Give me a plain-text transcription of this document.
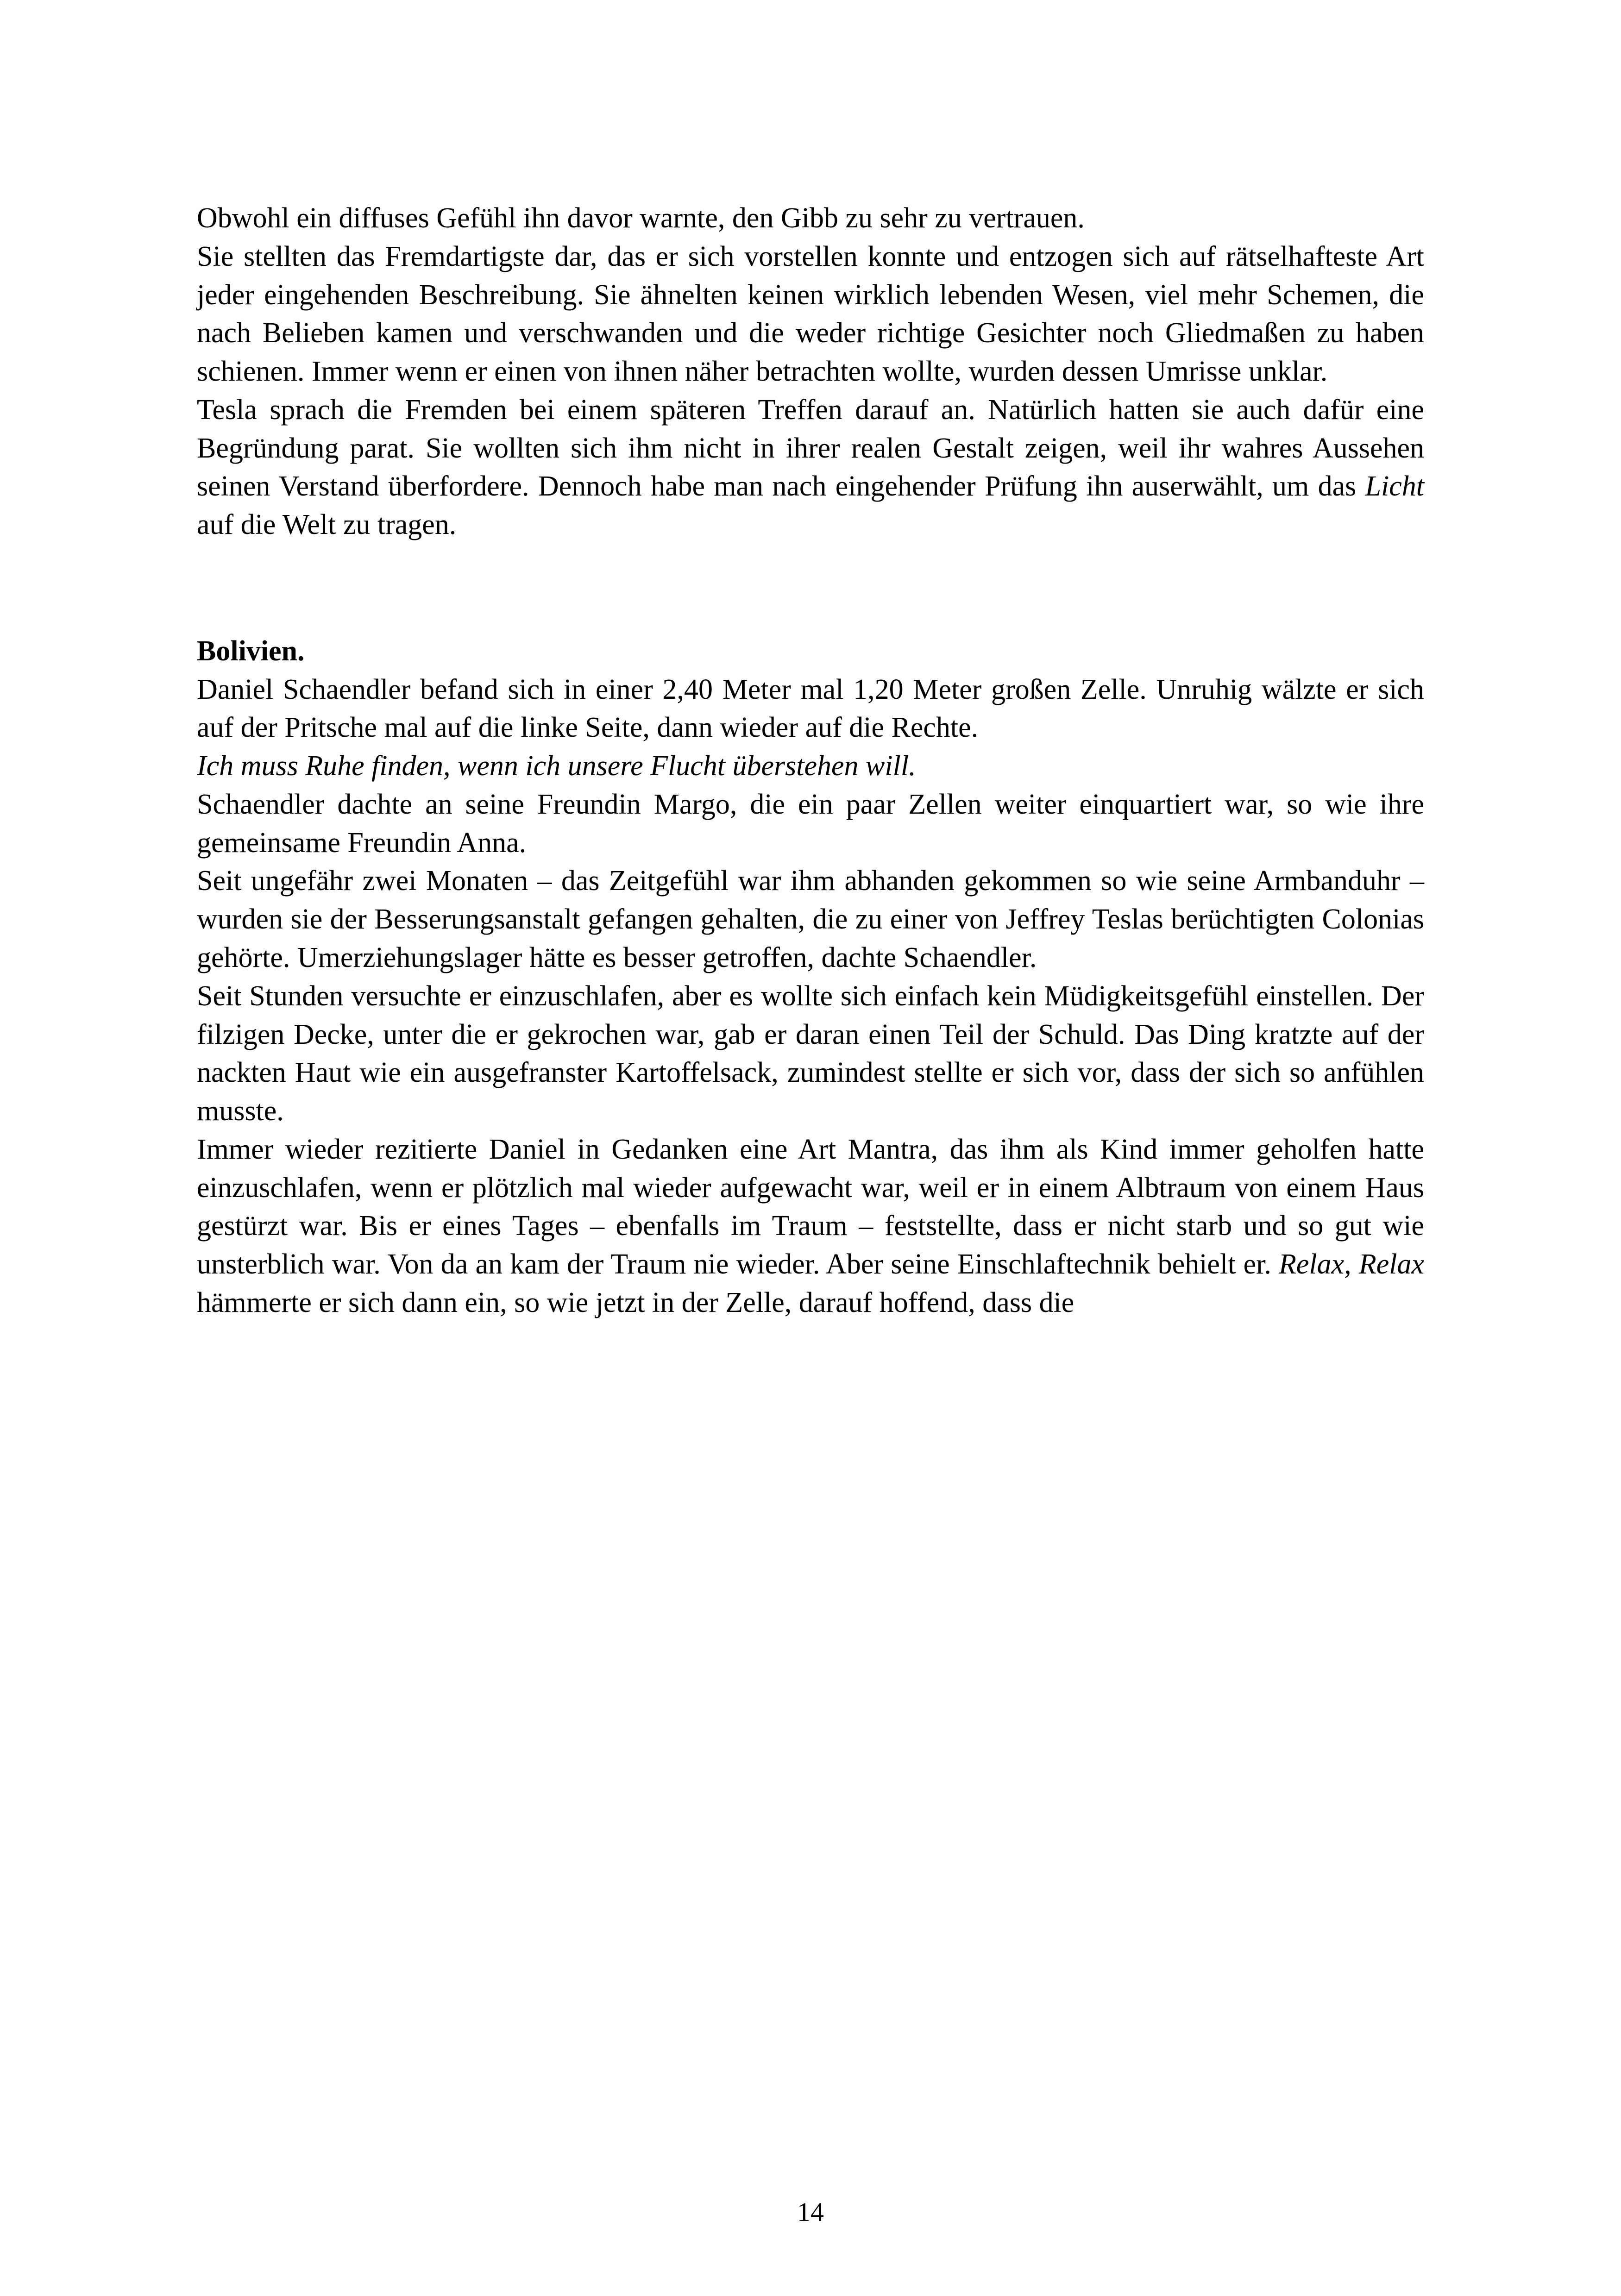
Obwohl ein diffuses Gefühl ihn davor warnte, den Gibb zu sehr zu vertrauen.

Sie stellten das Fremdartigste dar, das er sich vorstellen konnte und entzogen sich auf rätselhafteste Art jeder eingehenden Beschreibung. Sie ähnelten keinen wirklich lebenden Wesen, viel mehr Schemen, die nach Belieben kamen und verschwanden und die weder richtige Gesichter noch Gliedmaßen zu haben schienen. Immer wenn er einen von ihnen näher betrachten wollte, wurden dessen Umrisse unklar.

Tesla sprach die Fremden bei einem späteren Treffen darauf an. Natürlich hatten sie auch dafür eine Begründung parat. Sie wollten sich ihm nicht in ihrer realen Gestalt zeigen, weil ihr wahres Aussehen seinen Verstand überfordere. Dennoch habe man nach eingehender Prüfung ihn auserwählt, um das Licht auf die Welt zu tragen.

Bolivien.

Daniel Schaendler befand sich in einer 2,40 Meter mal 1,20 Meter großen Zelle. Unruhig wälzte er sich auf der Pritsche mal auf die linke Seite, dann wieder auf die Rechte.

Ich muss Ruhe finden, wenn ich unsere Flucht überstehen will.

Schaendler dachte an seine Freundin Margo, die ein paar Zellen weiter einquartiert war, so wie ihre gemeinsame Freundin Anna.

Seit ungefähr zwei Monaten – das Zeitgefühl war ihm abhanden gekommen so wie seine Armbanduhr – wurden sie der Besserungsanstalt gefangen gehalten, die zu einer von Jeffrey Teslas berüchtigten Colonias gehörte. Umerziehungslager hätte es besser getroffen, dachte Schaendler.

Seit Stunden versuchte er einzuschlafen, aber es wollte sich einfach kein Müdigkeitsgefühl einstellen. Der filzigen Decke, unter die er gekrochen war, gab er daran einen Teil der Schuld. Das Ding kratzte auf der nackten Haut wie ein ausgefranster Kartoffelsack, zumindest stellte er sich vor, dass der sich so anfühlen musste.

Immer wieder rezitierte Daniel in Gedanken eine Art Mantra, das ihm als Kind immer geholfen hatte einzuschlafen, wenn er plötzlich mal wieder aufgewacht war, weil er in einem Albtraum von einem Haus gestürzt war. Bis er eines Tages – ebenfalls im Traum – feststellte, dass er nicht starb und so gut wie unsterblich war. Von da an kam der Traum nie wieder. Aber seine Einschlaftechnik behielt er. Relax, Relax hämmerte er sich dann ein, so wie jetzt in der Zelle, darauf hoffend, dass die

14
